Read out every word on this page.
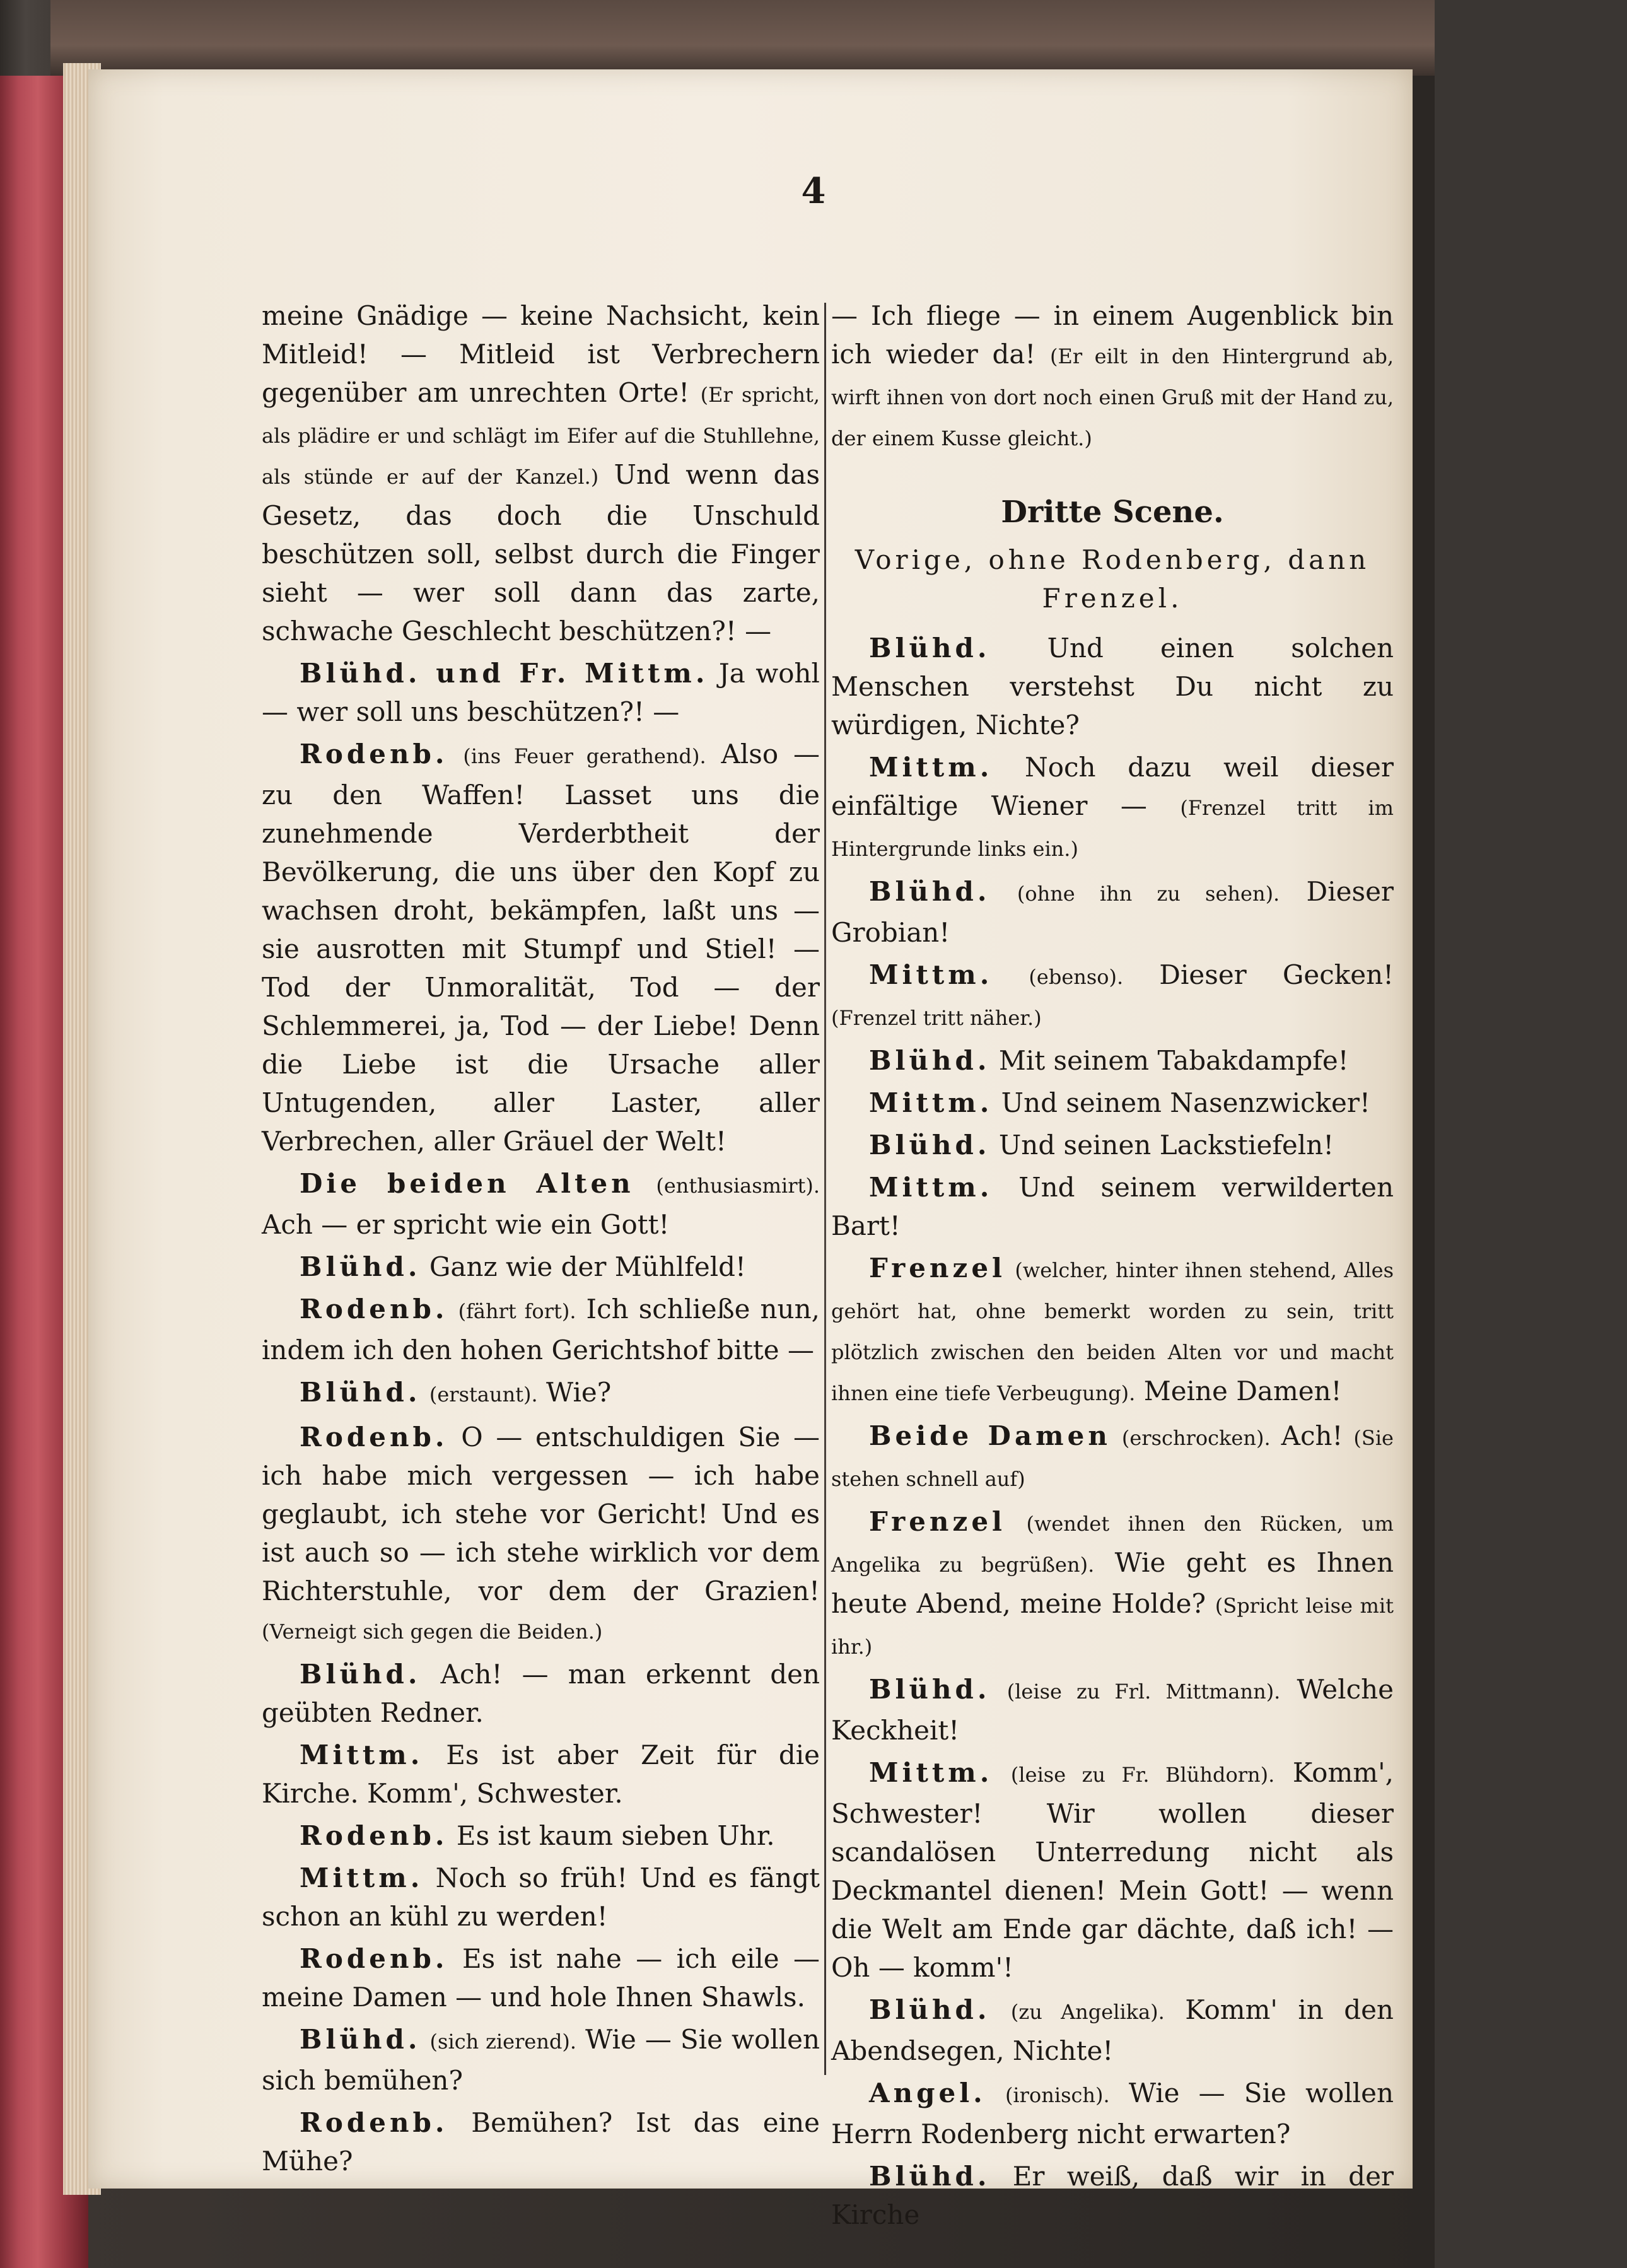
4

meine Gnädige — keine Nachsicht, kein Mitleid! — Mitleid ist Verbrechern gegenüber am unrechten Orte! (Er spricht, als plädire er und schlägt im Eifer auf die Stuhllehne, als stünde er auf der Kanzel.) Und wenn das Gesetz, das doch die Unschuld beschützen soll, selbst durch die Finger sieht — wer soll dann das zarte, schwache Geschlecht beschützen?! —

Blühd. und Fr. Mittm. Ja wohl — wer soll uns beschützen?! —

Rodenb. (ins Feuer gerathend). Also — zu den Waffen! Lasset uns die zunehmende Verderbtheit der Bevölkerung, die uns über den Kopf zu wachsen droht, bekämpfen, laßt uns — sie ausrotten mit Stumpf und Stiel! — Tod der Unmoralität, Tod — der Schlemmerei, ja, Tod — der Liebe! Denn die Liebe ist die Ursache aller Untugenden, aller Laster, aller Verbrechen, aller Gräuel der Welt!

Die beiden Alten (enthusiasmirt). Ach — er spricht wie ein Gott!

Blühd. Ganz wie der Mühlfeld!

Rodenb. (fährt fort). Ich schließe nun, indem ich den hohen Gerichtshof bitte —

Blühd. (erstaunt). Wie?

Rodenb. O — entschuldigen Sie — ich habe mich vergessen — ich habe geglaubt, ich stehe vor Gericht! Und es ist auch so — ich stehe wirklich vor dem Richterstuhle, vor dem der Grazien! (Verneigt sich gegen die Beiden.)

Blühd. Ach! — man erkennt den geübten Redner.

Mittm. Es ist aber Zeit für die Kirche. Komm', Schwester.

Rodenb. Es ist kaum sieben Uhr.

Mittm. Noch so früh! Und es fängt schon an kühl zu werden!

Rodenb. Es ist nahe — ich eile — meine Damen — und hole Ihnen Shawls.

Blühd. (sich zierend). Wie — Sie wollen sich bemühen?

Rodenb. Bemühen? Ist das eine Mühe?

— Ich fliege — in einem Augenblick bin ich wieder da! (Er eilt in den Hintergrund ab, wirft ihnen von dort noch einen Gruß mit der Hand zu, der einem Kusse gleicht.)

Dritte Scene.
Vorige, ohne Rodenberg, dann Frenzel.

Blühd. Und einen solchen Menschen verstehst Du nicht zu würdigen, Nichte?

Mittm. Noch dazu weil dieser einfältige Wiener — (Frenzel tritt im Hintergrunde links ein.)

Blühd. (ohne ihn zu sehen). Dieser Grobian!

Mittm. (ebenso). Dieser Gecken! (Frenzel tritt näher.)

Blühd. Mit seinem Tabakdampfe!

Mittm. Und seinem Nasenzwicker!

Blühd. Und seinen Lackstiefeln!

Mittm. Und seinem verwilderten Bart!

Frenzel (welcher, hinter ihnen stehend, Alles gehört hat, ohne bemerkt worden zu sein, tritt plötzlich zwischen den beiden Alten vor und macht ihnen eine tiefe Verbeugung). Meine Damen!

Beide Damen (erschrocken). Ach! (Sie stehen schnell auf)

Frenzel (wendet ihnen den Rücken, um Angelika zu begrüßen). Wie geht es Ihnen heute Abend, meine Holde? (Spricht leise mit ihr.)

Blühd. (leise zu Frl. Mittmann). Welche Keckheit!

Mittm. (leise zu Fr. Blühdorn). Komm', Schwester! Wir wollen dieser scandalösen Unterredung nicht als Deckmantel dienen! Mein Gott! — wenn die Welt am Ende gar dächte, daß ich! — Oh — komm'!

Blühd. (zu Angelika). Komm' in den Abendsegen, Nichte!

Angel. (ironisch). Wie — Sie wollen Herrn Rodenberg nicht erwarten?

Blühd. Er weiß, daß wir in der Kirche
